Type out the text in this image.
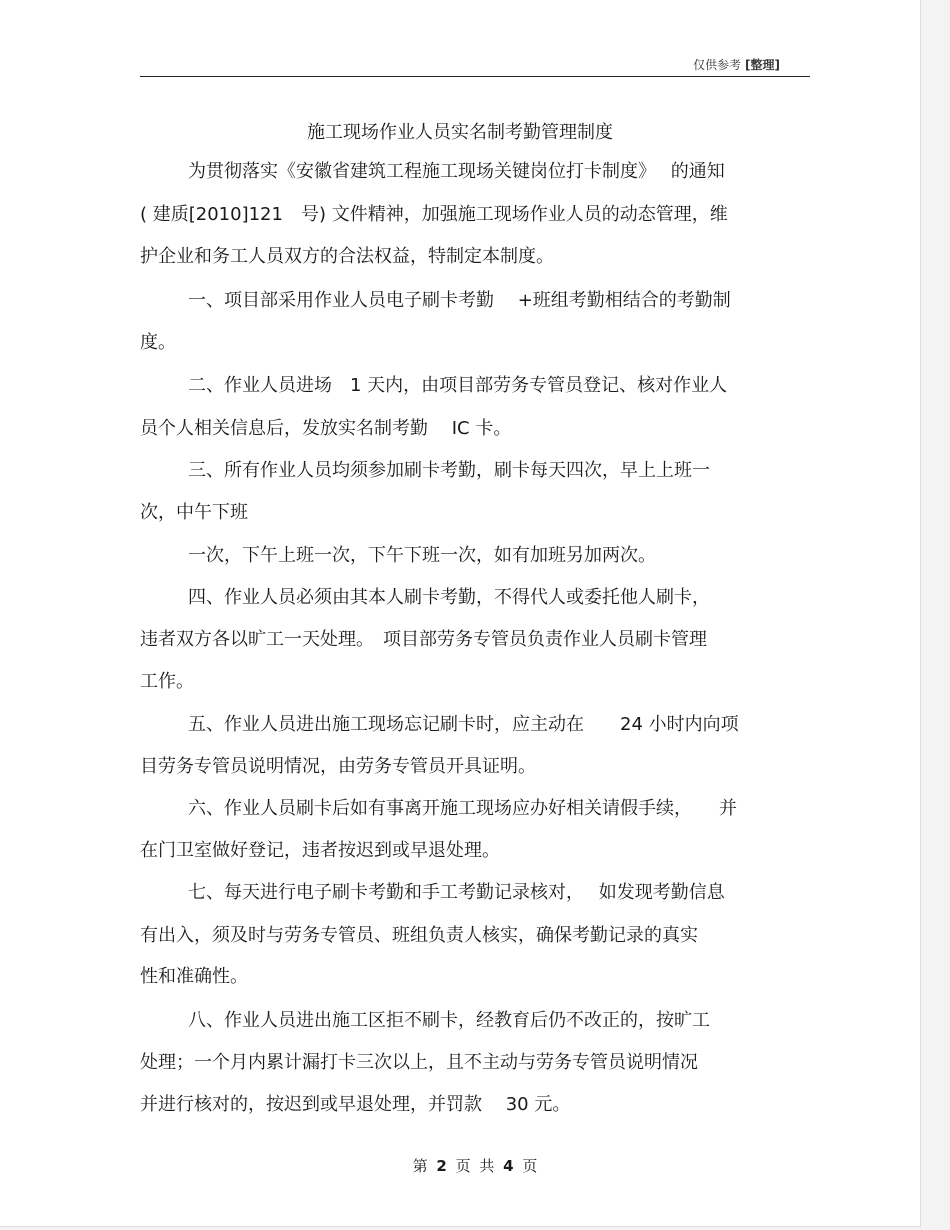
仅供参考 [整理]
施工现场作业人员实名制考勤管理制度
为贯彻落实《安徽省建筑工程施工现场关键岗位打卡制度》　 的通知
( 建质[2010]121　号) 文件精神，加强施工现场作业人员的动态管理，维
护企业和务工人员双方的合法权益，特制定本制度。
一、项目部采用作业人员电子刷卡考勤　 +班组考勤相结合的考勤制
度。
二、作业人员进场　1 天内，由项目部劳务专管员登记、核对作业人
员个人相关信息后，发放实名制考勤　 IC 卡。
三、所有作业人员均须参加刷卡考勤，刷卡每天四次，早上上班一
次，中午下班
一次，下午上班一次，下午下班一次，如有加班另加两次。
四、作业人员必须由其本人刷卡考勤，不得代人或委托他人刷卡，
违者双方各以旷工一天处理。　项目部劳务专管员负责作业人员刷卡管理
工作。
五、作业人员进出施工现场忘记刷卡时，应主动在　　24 小时内向项
目劳务专管员说明情况，由劳务专管员开具证明。
六、作业人员刷卡后如有事离开施工现场应办好相关请假手续，　　并
在门卫室做好登记，违者按迟到或早退处理。
七、每天进行电子刷卡考勤和手工考勤记录核对，　 如发现考勤信息
有出入，须及时与劳务专管员、班组负责人核实，确保考勤记录的真实
性和准确性。
八、作业人员进出施工区拒不刷卡，经教育后仍不改正的，按旷工
处理；一个月内累计漏打卡三次以上，且不主动与劳务专管员说明情况
并进行核对的，按迟到或早退处理，并罚款　 30 元。
第 2 页 共 4 页
